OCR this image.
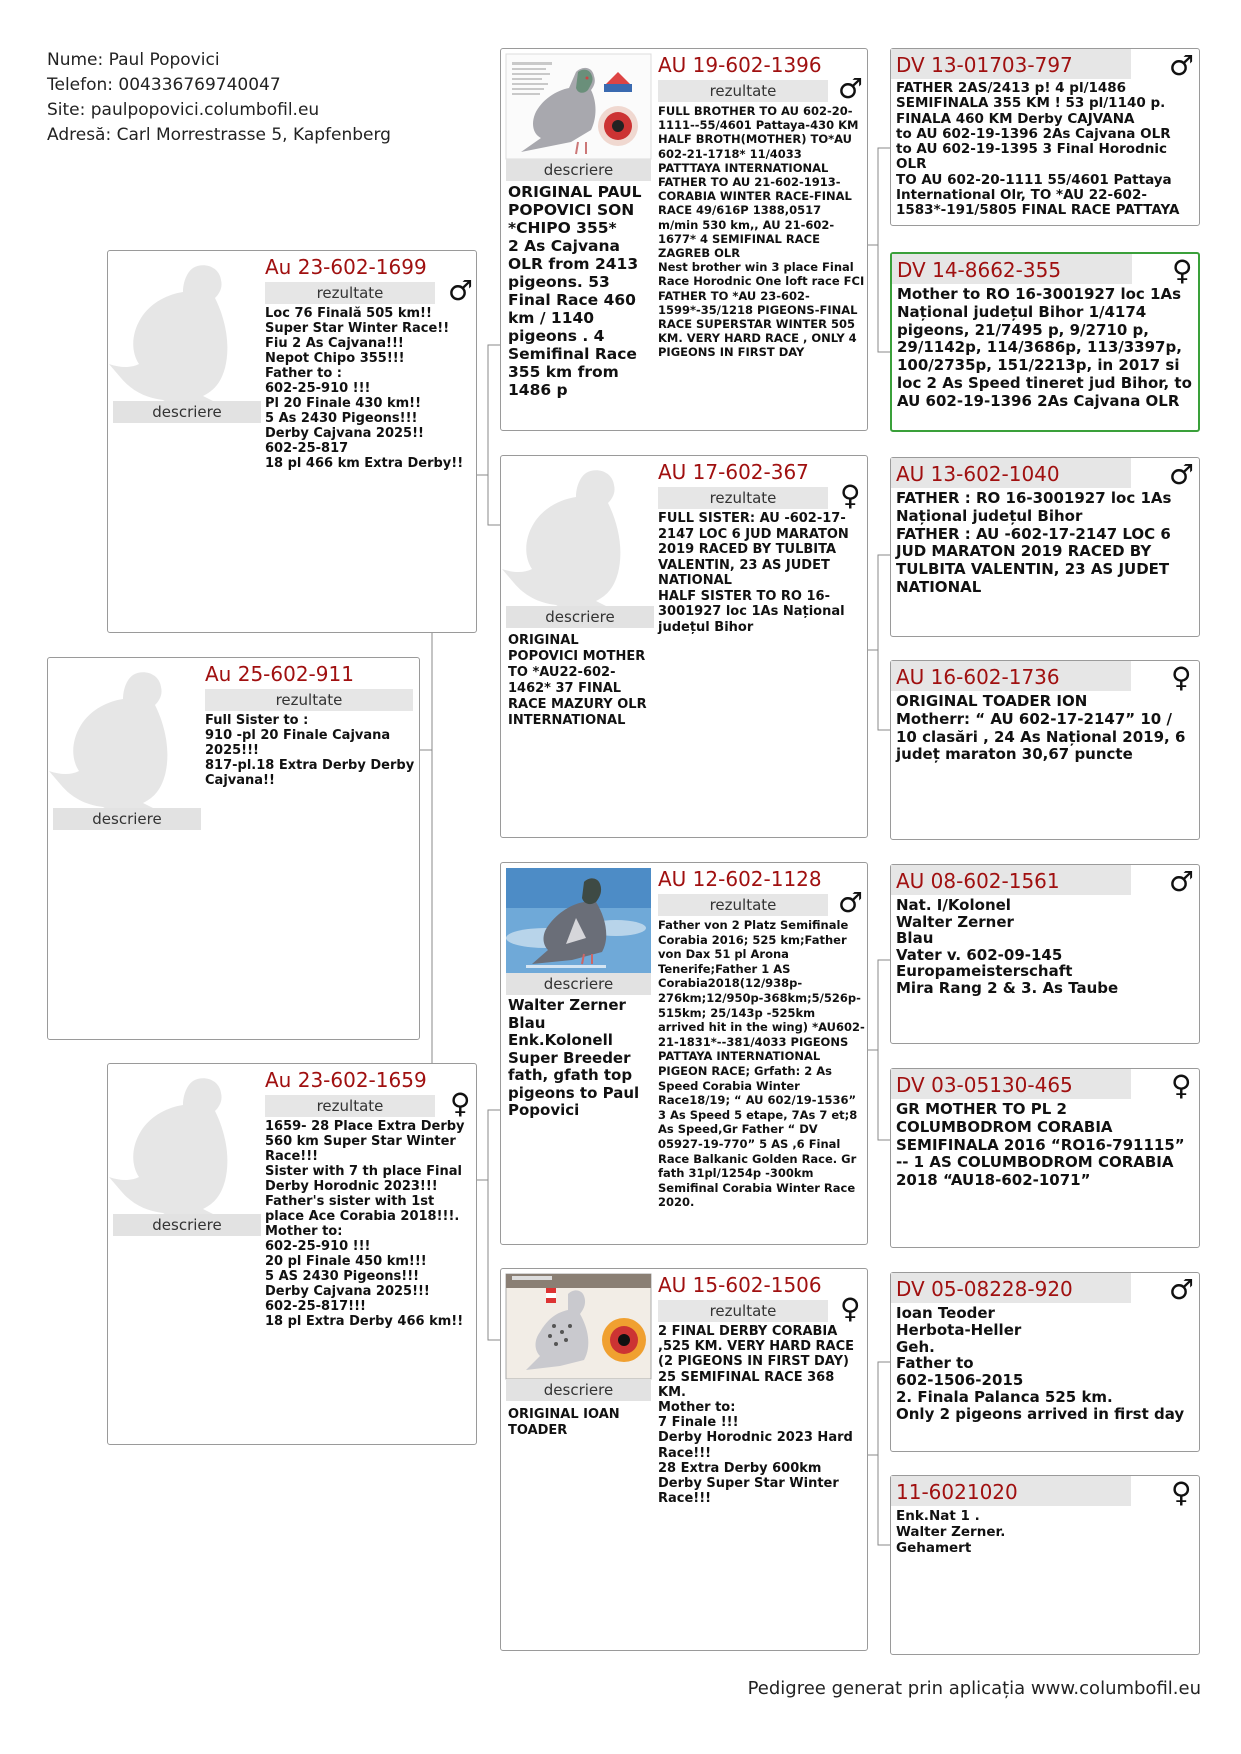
Nume: Paul Popovici
Telefon: 004336769740047
Site: paulpopovici.columbofil.eu
Adresă: Carl Morrestrasse 5, Kapfenberg
descriere
Au 25-602-911
rezultate
Full Sister to :
910 -pl 20 Finale Cajvana 2025!!!
817-pl.18 Extra Derby Derby Cajvana!!
descriere
Au 23-602-1699
rezultate	♂
Loc 76 Finală 505 km!!
Super Star Winter Race!!
Fiu 2 As Cajvana!!!
Nepot Chipo 355!!!
Father to :
602-25-910 !!!
Pl 20 Finale 430 km!!
5 As 2430 Pigeons!!!
Derby Cajvana 2025!!
602-25-817
18 pl 466 km Extra Derby!!
descriere
Au 23-602-1659
rezultate	♀
1659- 28 Place Extra Derby 560 km Super Star Winter Race!!!
Sister with 7 th place Final Derby Horodnic 2023!!!
Father's sister with 1st place Ace Corabia 2018!!!.
Mother to:
602-25-910 !!!
20 pl Finale 450 km!!!
5 AS 2430 Pigeons!!!
Derby Cajvana 2025!!!
602-25-817!!!
18 pl Extra Derby 466 km!!
descriere
ORIGINAL PAUL POPOVICI SON *CHIPO 355*
2 As Cajvana OLR from 2413 pigeons. 53 Final Race 460 km / 1140 pigeons . 4 Semifinal Race 355 km from 1486 p
AU 19-602-1396
rezultate	♂
FULL BROTHER TO AU 602-20-1111--55/4601 Pattaya-430 KM
HALF BROTH(MOTHER) TO*AU 602-21-1718* 11/4033 PATTTAYA INTERNATIONAL
FATHER TO AU 21-602-1913-CORABIA WINTER RACE-FINAL RACE 49/616P 1388,0517 m/min 530 km,, AU 21-602-1677* 4 SEMIFINAL RACE ZAGREB OLR
Nest brother win 3 place Final Race Horodnic One loft race FCI
FATHER TO *AU 23-602-1599*-35/1218 PIGEONS-FINAL RACE SUPERSTAR WINTER 505 KM. VERY HARD RACE , ONLY 4 PIGEONS IN FIRST DAY
descriere
ORIGINAL POPOVICI MOTHER TO *AU22-602-1462* 37 FINAL RACE MAZURY OLR INTERNATIONAL
AU 17-602-367
rezultate	♀
FULL SISTER: AU -602-17-2147 LOC 6 JUD MARATON 2019 RACED BY TULBITA VALENTIN, 23 AS JUDET NATIONAL
HALF SISTER TO RO 16-3001927 loc 1As Național județul Bihor
descriere
Walter Zerner Blau Enk.Kolonell Super Breeder fath, gfath top pigeons to Paul Popovici
AU 12-602-1128
rezultate	♂
Father von 2 Platz Semifinale Corabia 2016; 525 km;Father von Dax 51 pl Arona Tenerife;Father 1 AS Corabia2018(12/938p-276km;12/950p-368km;5/526p-515km; 25/143p -525km arrived hit in the wing) *AU602-21-1831*--381/4033 PIGEONS PATTAYA INTERNATIONAL PIGEON RACE; Grfath: 2 As Speed Corabia Winter Race18/19; “ AU 602/19-1536” 3 As Speed 5 etape, 7As 7 et;8 As Speed,Gr Father “ DV 05927-19-770” 5 AS ,6 Final Race Balkanic Golden Race. Gr fath 31pl/1254p -300km Semifinal Corabia Winter Race 2020.
descriere
ORIGINAL IOAN TOADER
AU 15-602-1506
rezultate	♀
2 FINAL DERBY CORABIA ,525 KM. VERY HARD RACE (2 PIGEONS IN FIRST DAY)
25 SEMIFINAL RACE 368 KM.
Mother to:
7 Finale !!!
Derby Horodnic 2023 Hard Race!!!
28 Extra Derby 600km Derby Super Star Winter Race!!!
DV 13-01703-797	♂
FATHER 2AS/2413 p! 4 pl/1486 SEMIFINALA 355 KM ! 53 pl/1140 p. FINALA 460 KM Derby CAJVANA
to AU 602-19-1396 2As Cajvana OLR
to AU 602-19-1395 3 Final Horodnic OLR
TO AU 602-20-1111 55/4601 Pattaya International Olr, TO *AU 22-602-1583*-191/5805 FINAL RACE PATTAYA
DV 14-8662-355	♀
Mother to RO 16-3001927 loc 1As Național județul Bihor 1/4174 pigeons, 21/7495 p, 9/2710 p, 29/1142p, 114/3686p, 113/3397p, 100/2735p, 151/2213p, in 2017 si loc 2 As Speed tineret jud Bihor, to AU 602-19-1396 2As Cajvana OLR
AU 13-602-1040	♂
FATHER : RO 16-3001927 loc 1As Național județul Bihor
FATHER : AU -602-17-2147 LOC 6 JUD MARATON 2019 RACED BY TULBITA VALENTIN, 23 AS JUDET NATIONAL
AU 16-602-1736	♀
ORIGINAL TOADER ION
Motherr: “ AU 602-17-2147” 10 / 10 clasări , 24 As Național 2019, 6 județ maraton 30,67 puncte
AU 08-602-1561	♂
Nat. I/Kolonel
Walter Zerner
Blau
Vater v. 602-09-145
Europameisterschaft
Mira Rang 2 & 3. As Taube
DV 03-05130-465	♀
GR MOTHER TO PL 2 COLUMBODROM CORABIA SEMIFINALA 2016 “RO16-791115” -- 1 AS COLUMBODROM CORABIA 2018 “AU18-602-1071”
DV 05-08228-920	♂
Ioan Teoder
Herbota-Heller
Geh.
Father to
602-1506-2015
2. Finala Palanca 525 km.
Only 2 pigeons arrived in first day
11-6021020	♀
Enk.Nat 1 .
Walter Zerner.
Gehamert
Pedigree generat prin aplicația www.columbofil.eu
